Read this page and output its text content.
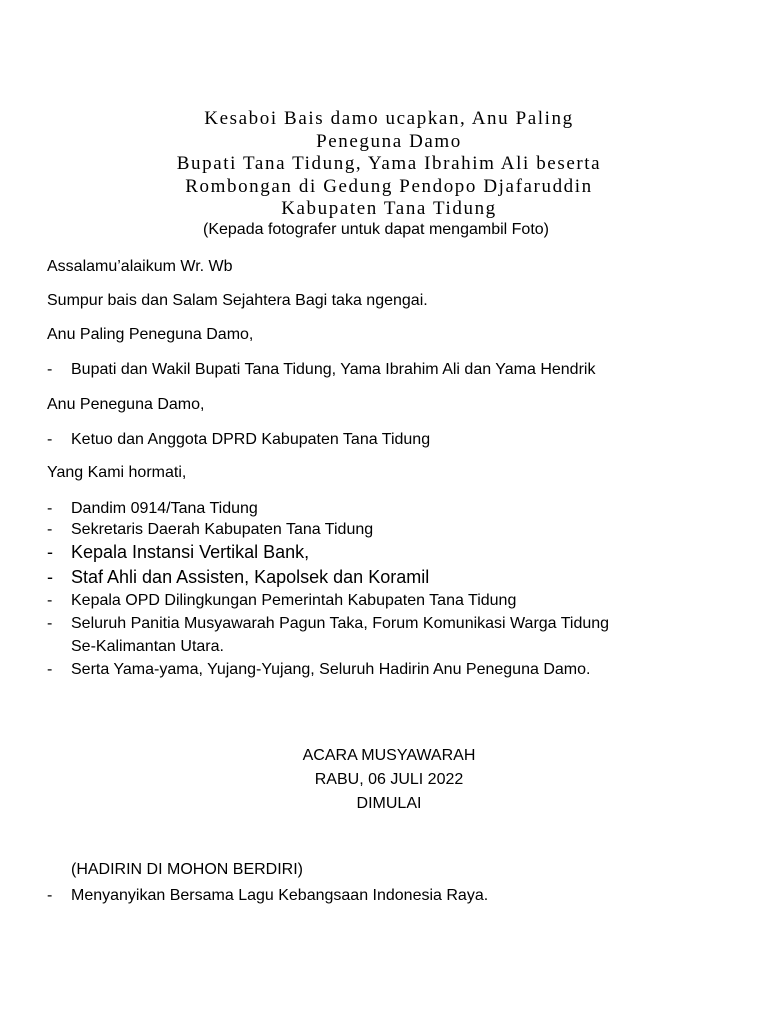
Kesaboi Bais damo ucapkan, Anu Paling
Peneguna Damo
Bupati Tana Tidung, Yama Ibrahim Ali beserta
Rombongan di Gedung Pendopo Djafaruddin
Kabupaten Tana Tidung
(Kepada fotografer untuk dapat mengambil Foto)
Assalamu’alaikum Wr. Wb
Sumpur bais dan Salam Sejahtera Bagi taka ngengai.
Anu Paling Peneguna Damo,
- Bupati dan Wakil Bupati Tana Tidung, Yama Ibrahim Ali dan Yama Hendrik
Anu Peneguna Damo,
- Ketuo dan Anggota DPRD Kabupaten Tana Tidung
Yang Kami hormati,
- Dandim 0914/Tana Tidung
- Sekretaris Daerah Kabupaten Tana Tidung
- Kepala Instansi Vertikal Bank,
- Staf Ahli dan Assisten, Kapolsek dan Koramil
- Kepala OPD Dilingkungan Pemerintah Kabupaten Tana Tidung
- Seluruh Panitia Musyawarah Pagun Taka, Forum Komunikasi Warga Tidung
Se-Kalimantan Utara.
- Serta Yama-yama, Yujang-Yujang, Seluruh Hadirin Anu Peneguna Damo.
ACARA MUSYAWARAH
RABU, 06 JULI 2022
DIMULAI
(HADIRIN DI MOHON BERDIRI)
- Menyanyikan Bersama Lagu Kebangsaan Indonesia Raya.
